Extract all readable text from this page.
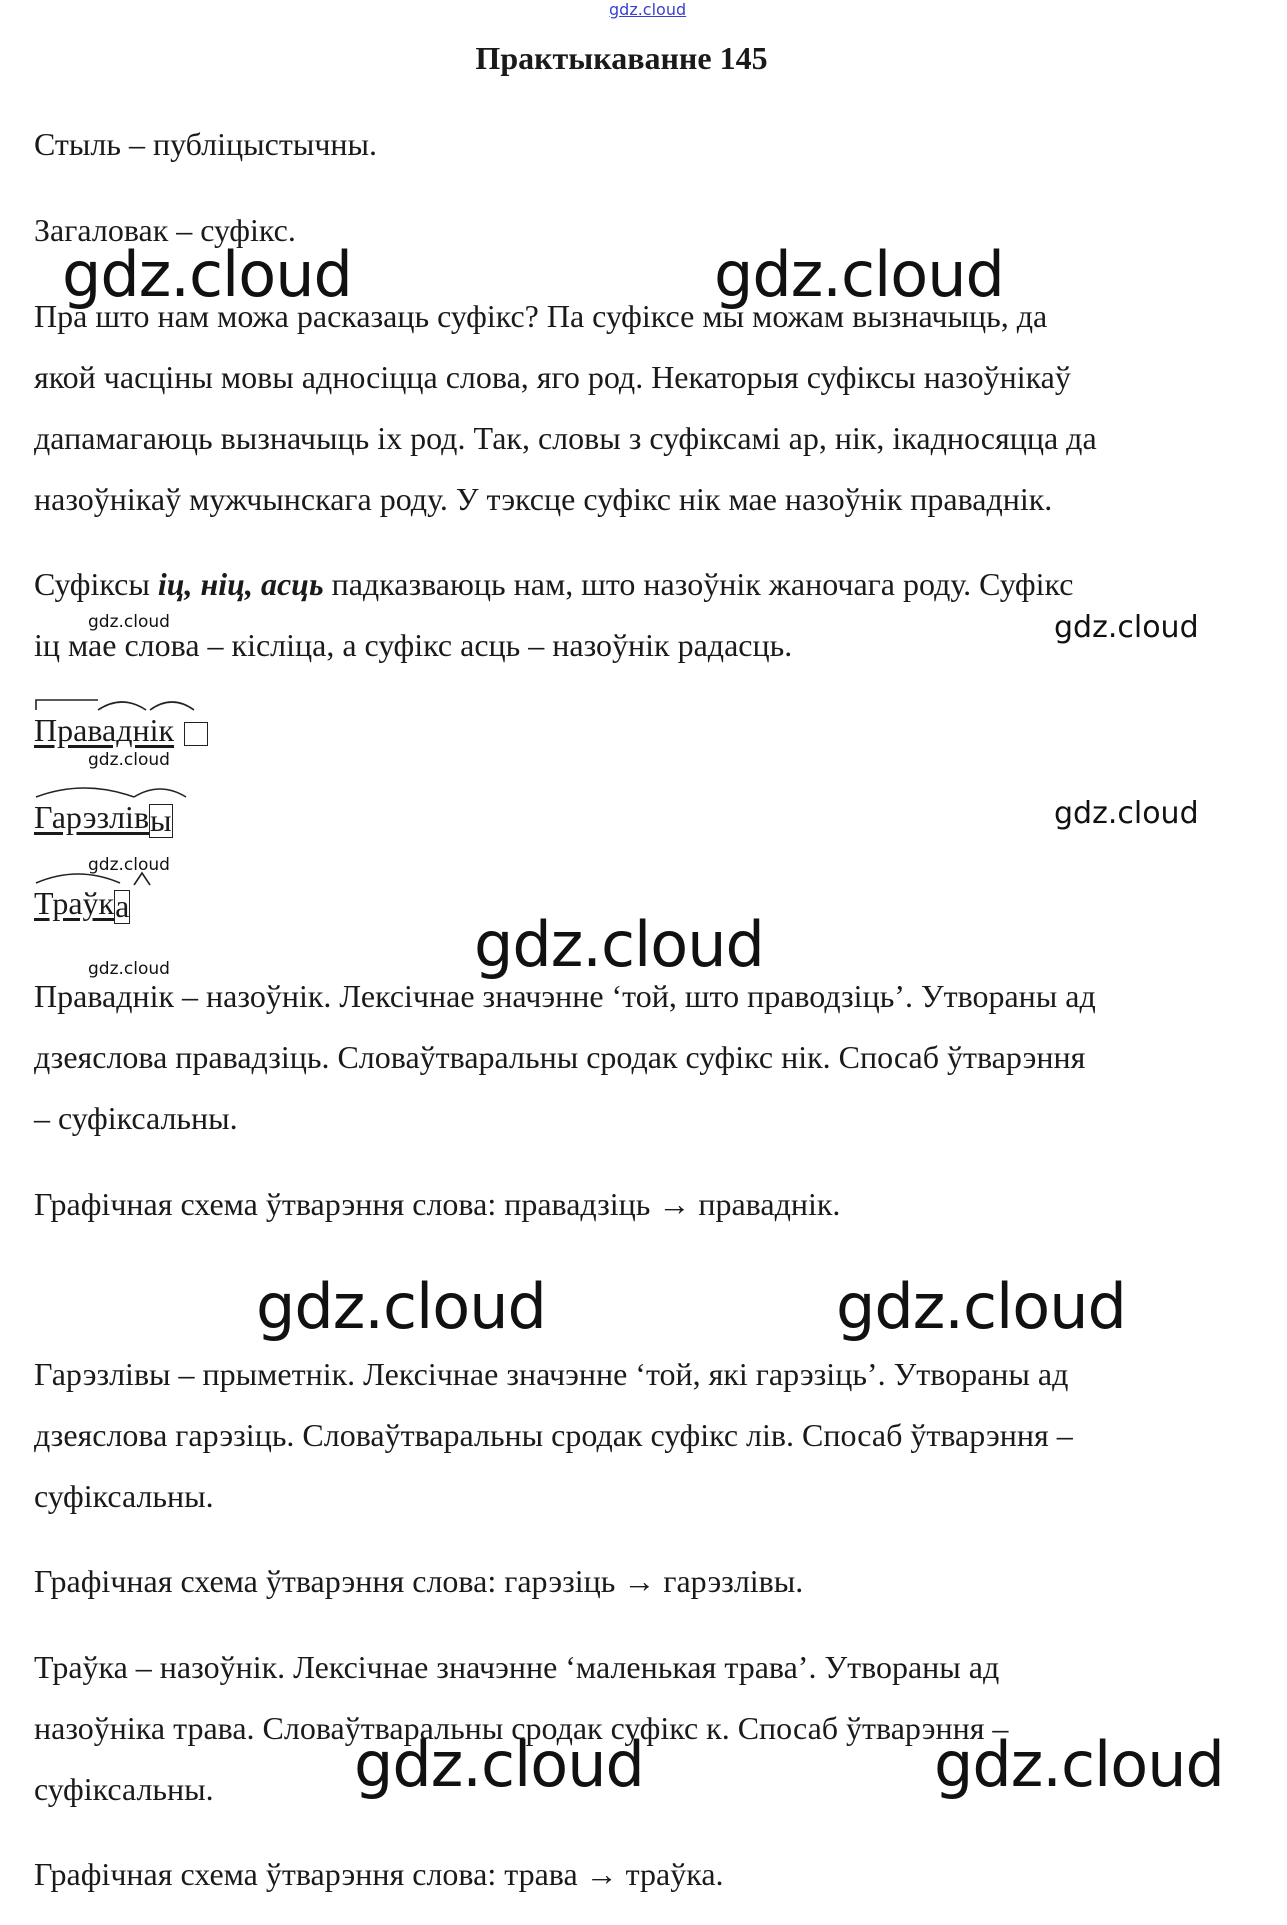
gdz.cloud
Практыкаванне 145

Стыль – публіцыстычны.

Загаловак – суфікс.

Пра што нам можа расказаць суфікс? Па суфіксе мы можам вызначыць, да

якой часціны мовы адносіцца слова, яго род. Некаторыя суфіксы назоўнікаў

дапамагаюць вызначыць іх род. Так, словы з суфіксамі ар, нік, ікадносяцца да

назоўнікаў мужчынскага роду. У тэксце суфікс нік мае назоўнік праваднік.

Суфіксы іц, ніц, асць падказваюць нам, што назоўнік жаночага роду. Суфікс

іц мае слова – кісліца, а суфікс асць – назоўнік радасць.

Праваднік
Гарэзлівы
Траўка

Праваднік – назоўнік. Лексічнае значэнне ‘той, што праводзіць’. Утвораны ад

дзеяслова правадзіць. Словаўтваральны сродак суфікс нік. Спосаб ўтварэння

– суфіксальны.

Графічная схема ўтварэння слова: правадзіць → праваднік.

Гарэзлівы – прыметнік. Лексічнае значэнне ‘той, які гарэзіць’. Утвораны ад

дзеяслова гарэзіць. Словаўтваральны сродак суфікс лів. Спосаб ўтварэння –

суфіксальны.

Графічная схема ўтварэння слова: гарэзіць → гарэзлівы.

Траўка – назоўнік. Лексічнае значэнне ‘маленькая трава’. Утвораны ад

назоўніка трава. Словаўтваральны сродак суфікс к. Спосаб ўтварэння –

суфіксальны.

Графічная схема ўтварэння слова: трава → траўка.

gdz.cloud	gdz.cloud
gdz.cloud
gdz.cloud	gdz.cloud
gdz.cloud	gdz.cloud
gdz.cloud
gdz.cloud
gdz.cloud
gdz.cloud
gdz.cloud
gdz.cloud
